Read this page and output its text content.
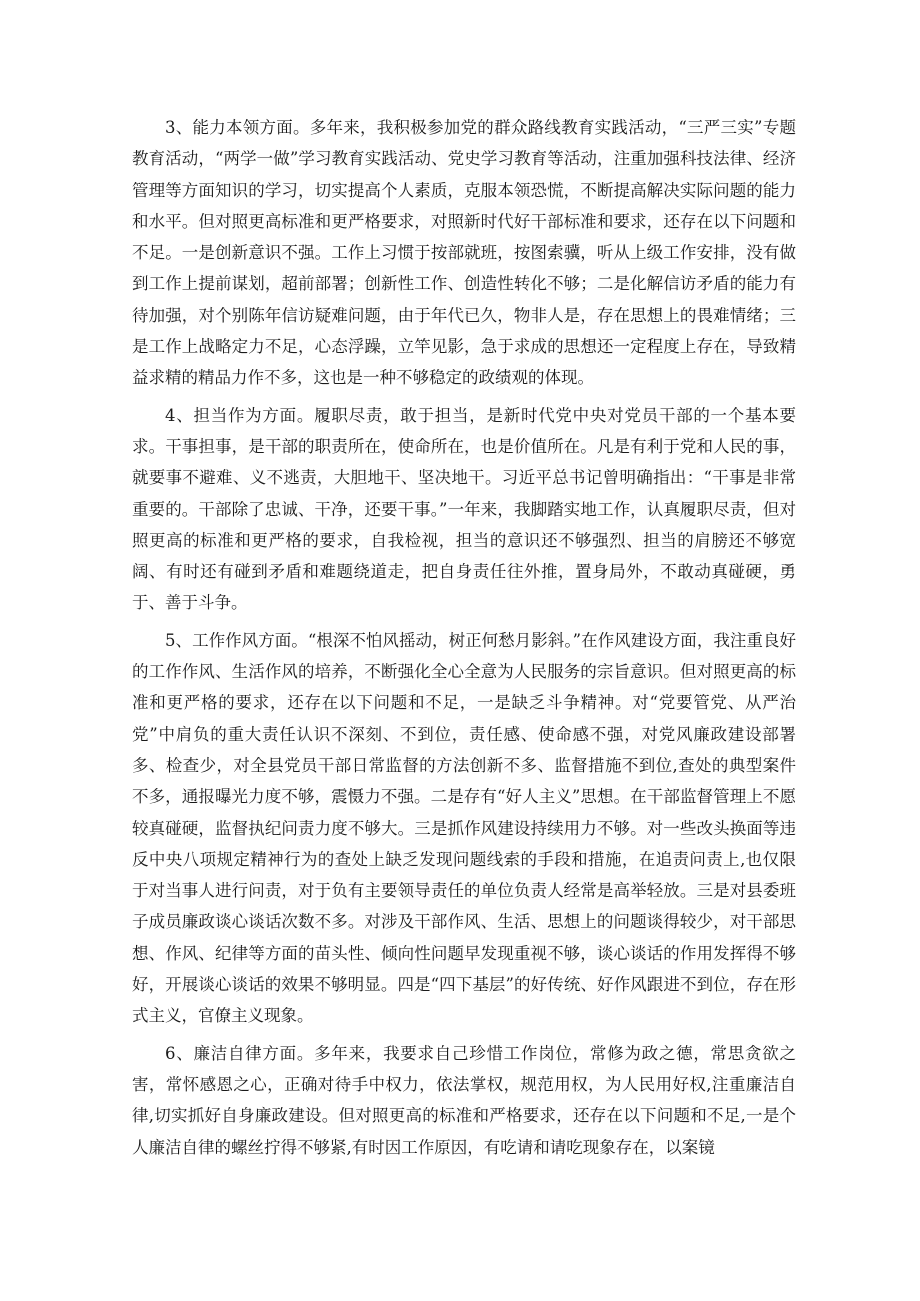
3、能力本领方面。多年来，我积极参加党的群众路线教育实践活动，“三严三实”专题教育活动，“两学一做”学习教育实践活动、党史学习教育等活动，注重加强科技法律、经济管理等方面知识的学习，切实提高个人素质，克服本领恐慌，不断提高解决实际问题的能力和水平。但对照更高标准和更严格要求，对照新时代好干部标准和要求，还存在以下问题和不足。一是创新意识不强。工作上习惯于按部就班，按图索骥，听从上级工作安排，没有做到工作上提前谋划，超前部署；创新性工作、创造性转化不够；二是化解信访矛盾的能力有待加强，对个别陈年信访疑难问题，由于年代已久，物非人是，存在思想上的畏难情绪；三是工作上战略定力不足，心态浮躁，立竿见影，急于求成的思想还一定程度上存在，导致精益求精的精品力作不多，这也是一种不够稳定的政绩观的体现。

4、担当作为方面。履职尽责，敢于担当，是新时代党中央对党员干部的一个基本要求。干事担事，是干部的职责所在，使命所在，也是价值所在。凡是有利于党和人民的事，就要事不避难、义不逃责，大胆地干、坚决地干。习近平总书记曾明确指出：“干事是非常重要的。干部除了忠诚、干净，还要干事。”一年来，我脚踏实地工作，认真履职尽责，但对照更高的标准和更严格的要求，自我检视，担当的意识还不够强烈、担当的肩膀还不够宽阔、有时还有碰到矛盾和难题绕道走，把自身责任往外推，置身局外，不敢动真碰硬，勇于、善于斗争。

5、工作作风方面。“根深不怕风摇动，树正何愁月影斜。”在作风建设方面，我注重良好的工作作风、生活作风的培养，不断强化全心全意为人民服务的宗旨意识。但对照更高的标准和更严格的要求，还存在以下问题和不足，一是缺乏斗争精神。对“党要管党、从严治党”中肩负的重大责任认识不深刻、不到位，责任感、使命感不强，对党风廉政建设部署多、检查少，对全县党员干部日常监督的方法创新不多、监督措施不到位,查处的典型案件不多，通报曝光力度不够，震慑力不强。二是存有“好人主义”思想。在干部监督管理上不愿较真碰硬，监督执纪问责力度不够大。三是抓作风建设持续用力不够。对一些改头换面等违反中央八项规定精神行为的查处上缺乏发现问题线索的手段和措施，在追责问责上,也仅限于对当事人进行问责，对于负有主要领导责任的单位负责人经常是高举轻放。三是对县委班子成员廉政谈心谈话次数不多。对涉及干部作风、生活、思想上的问题谈得较少，对干部思想、作风、纪律等方面的苗头性、倾向性问题早发现重视不够，谈心谈话的作用发挥得不够好，开展谈心谈话的效果不够明显。四是“四下基层”的好传统、好作风跟进不到位，存在形式主义，官僚主义现象。

6、廉洁自律方面。多年来，我要求自己珍惜工作岗位，常修为政之德，常思贪欲之害，常怀感恩之心，正确对待手中权力，依法掌权，规范用权，为人民用好权,注重廉洁自律,切实抓好自身廉政建设。但对照更高的标准和严格要求，还存在以下问题和不足,一是个人廉洁自律的螺丝拧得不够紧,有时因工作原因，有吃请和请吃现象存在，以案镜
